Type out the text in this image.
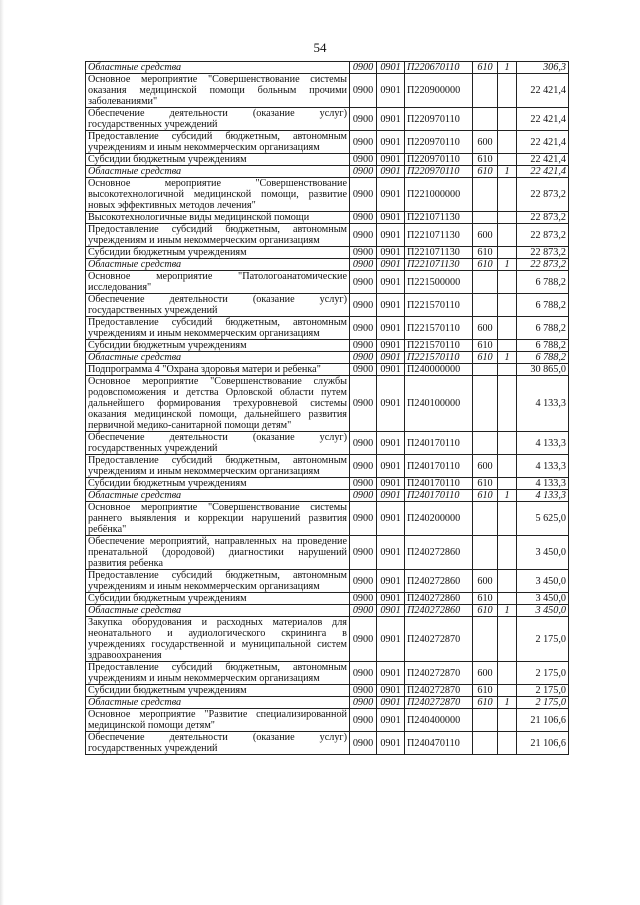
54
Областные средства	0900	0901	П220670110	610	1	306,3
Основное мероприятие "Совершенствование системы оказания медицинской помощи больным прочими заболеваниями"	0900	0901	П220900000			22 421,4
Обеспечение деятельности (оказание услуг) государственных учреждений	0900	0901	П220970110			22 421,4
Предоставление субсидий бюджетным, автономным учреждениям и иным некоммерческим организациям	0900	0901	П220970110	600		22 421,4
Субсидии бюджетным учреждениям	0900	0901	П220970110	610		22 421,4
Областные средства	0900	0901	П220970110	610	1	22 421,4
Основное мероприятие "Совершенствование высокотехнологичной медицинской помощи, развитие новых эффективных методов лечения"	0900	0901	П221000000			22 873,2
Высокотехнологичные виды медицинской помощи	0900	0901	П221071130			22 873,2
Предоставление субсидий бюджетным, автономным учреждениям и иным некоммерческим организациям	0900	0901	П221071130	600		22 873,2
Субсидии бюджетным учреждениям	0900	0901	П221071130	610		22 873,2
Областные средства	0900	0901	П221071130	610	1	22 873,2
Основное мероприятие "Патологоанатомические исследования"	0900	0901	П221500000			6 788,2
Обеспечение деятельности (оказание услуг) государственных учреждений	0900	0901	П221570110			6 788,2
Предоставление субсидий бюджетным, автономным учреждениям и иным некоммерческим организациям	0900	0901	П221570110	600		6 788,2
Субсидии бюджетным учреждениям	0900	0901	П221570110	610		6 788,2
Областные средства	0900	0901	П221570110	610	1	6 788,2
Подпрограмма 4 "Охрана здоровья матери и ребенка"	0900	0901	П240000000			30 865,0
Основное мероприятие "Совершенствование службы родовспоможения и детства Орловской области путем дальнейшего формирования трехуровневой системы оказания медицинской помощи, дальнейшего развития первичной медико-санитарной помощи детям"	0900	0901	П240100000			4 133,3
Обеспечение деятельности (оказание услуг) государственных учреждений	0900	0901	П240170110			4 133,3
Предоставление субсидий бюджетным, автономным учреждениям и иным некоммерческим организациям	0900	0901	П240170110	600		4 133,3
Субсидии бюджетным учреждениям	0900	0901	П240170110	610		4 133,3
Областные средства	0900	0901	П240170110	610	1	4 133,3
Основное мероприятие "Совершенствование системы раннего выявления и коррекции нарушений развития ребёнка"	0900	0901	П240200000			5 625,0
Обеспечение мероприятий, направленных на проведение пренатальной (дородовой) диагностики нарушений развития ребенка	0900	0901	П240272860			3 450,0
Предоставление субсидий бюджетным, автономным учреждениям и иным некоммерческим организациям	0900	0901	П240272860	600		3 450,0
Субсидии бюджетным учреждениям	0900	0901	П240272860	610		3 450,0
Областные средства	0900	0901	П240272860	610	1	3 450,0
Закупка оборудования и расходных материалов для неонатального и аудиологического скрининга в учреждениях государственной и муниципальной систем здравоохранения	0900	0901	П240272870			2 175,0
Предоставление субсидий бюджетным, автономным учреждениям и иным некоммерческим организациям	0900	0901	П240272870	600		2 175,0
Субсидии бюджетным учреждениям	0900	0901	П240272870	610		2 175,0
Областные средства	0900	0901	П240272870	610	1	2 175,0
Основное мероприятие "Развитие специализированной медицинской помощи детям"	0900	0901	П240400000			21 106,6
Обеспечение деятельности (оказание услуг) государственных учреждений	0900	0901	П240470110			21 106,6
